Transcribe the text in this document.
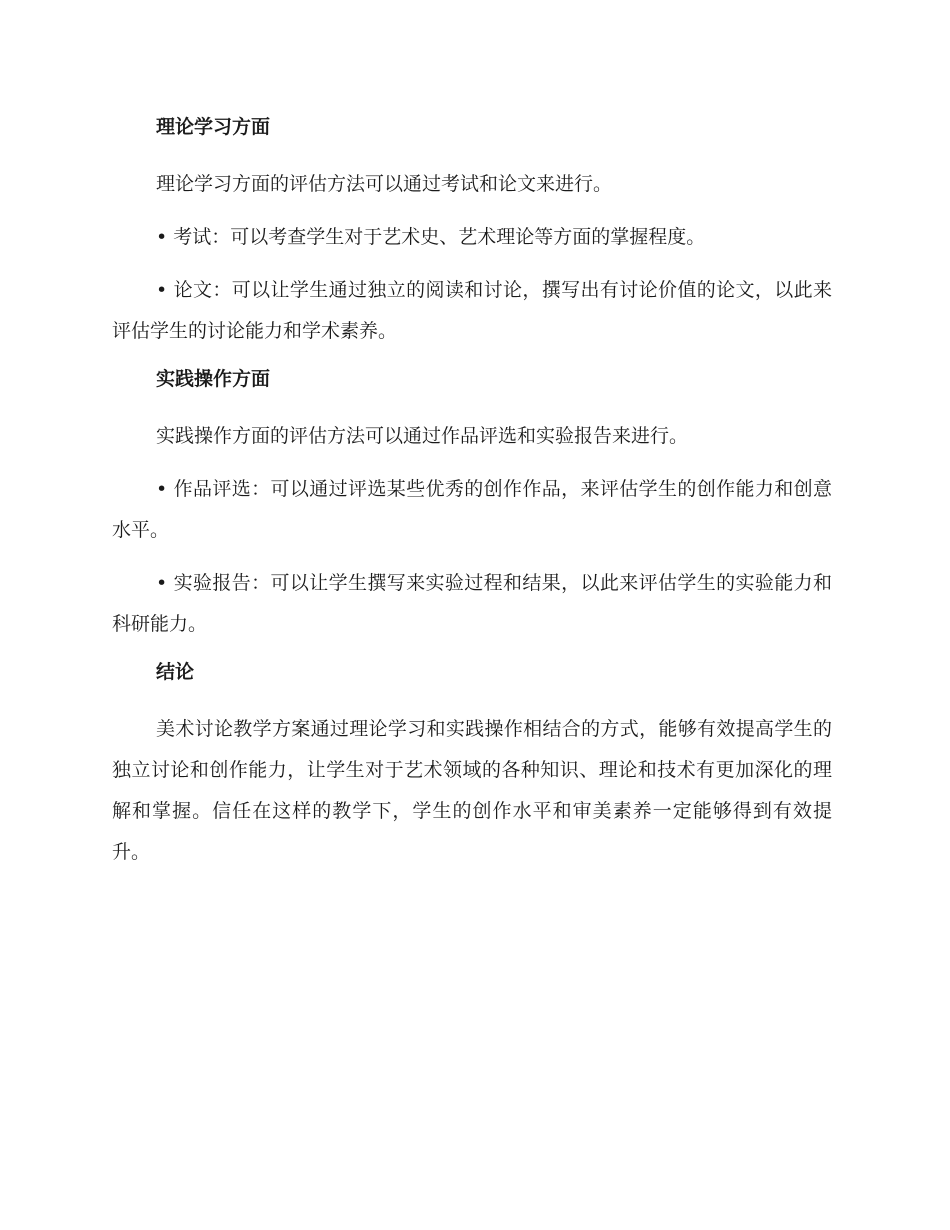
理论学习方面

理论学习方面的评估方法可以通过考试和论文来进行。

• 考试：可以考查学生对于艺术史、艺术理论等方面的掌握程度。

• 论文：可以让学生通过独立的阅读和讨论，撰写出有讨论价值的论文，以此来评估学生的讨论能力和学术素养。

实践操作方面

实践操作方面的评估方法可以通过作品评选和实验报告来进行。

• 作品评选：可以通过评选某些优秀的创作作品，来评估学生的创作能力和创意水平。

• 实验报告：可以让学生撰写来实验过程和结果，以此来评估学生的实验能力和科研能力。

结论

美术讨论教学方案通过理论学习和实践操作相结合的方式，能够有效提高学生的独立讨论和创作能力，让学生对于艺术领域的各种知识、理论和技术有更加深化的理解和掌握。信任在这样的教学下，学生的创作水平和审美素养一定能够得到有效提升。
